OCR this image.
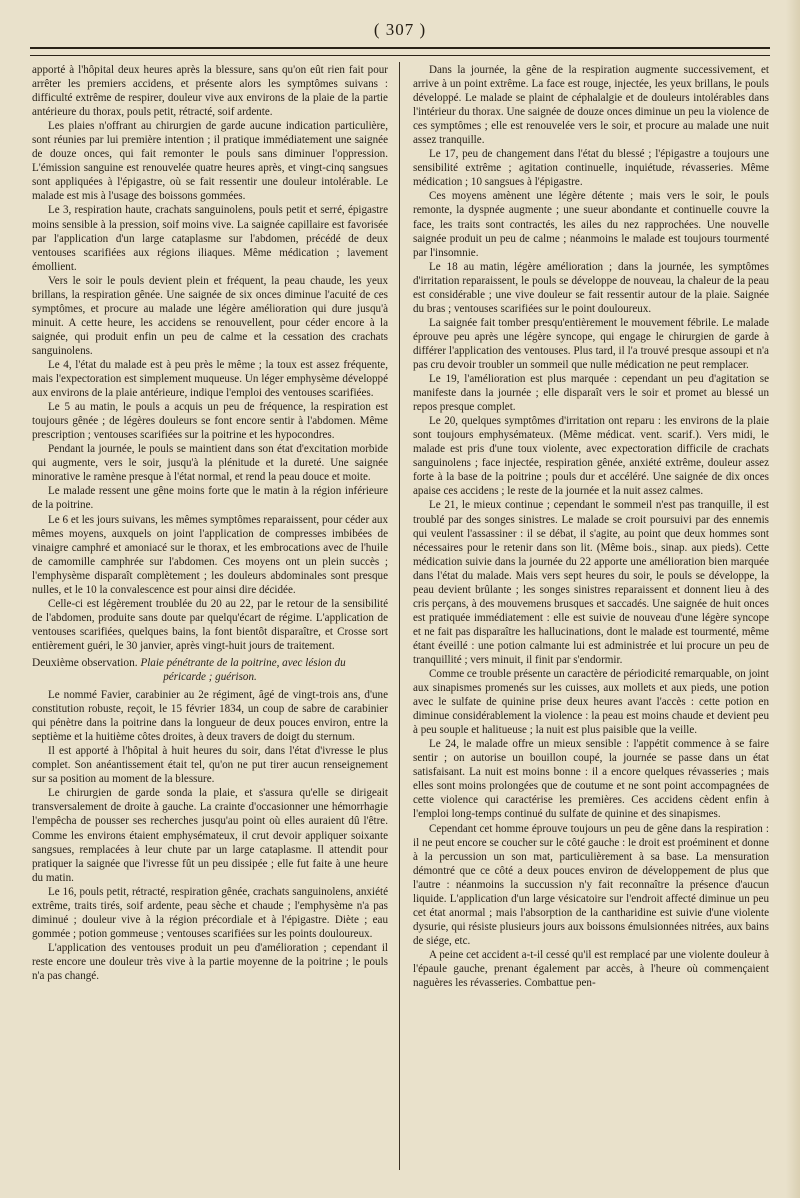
( 307 )

apporté à l'hôpital deux heures après la blessure, sans qu'on eût rien fait pour arrêter les premiers accidens, et présente alors les symptômes suivans : difficulté extrême de respirer, douleur vive aux environs de la plaie de la partie antérieure du thorax, pouls petit, rétracté, soif ardente.

Les plaies n'offrant au chirurgien de garde aucune indication particulière, sont réunies par lui première intention ; il pratique immédiatement une saignée de douze onces, qui fait remonter le pouls sans diminuer l'oppression. L'émission sanguine est renouvelée quatre heures après, et vingt-cinq sangsues sont appliquées à l'épigastre, où se fait ressentir une douleur intolérable. Le malade est mis à l'usage des boissons gommées.

Le 3, respiration haute, crachats sanguinolens, pouls petit et serré, épigastre moins sensible à la pression, soif moins vive. La saignée capillaire est favorisée par l'application d'un large cataplasme sur l'abdomen, précédé de deux ventouses scarifiées aux régions iliaques. Même médication ; lavement émollient.

Vers le soir le pouls devient plein et fréquent, la peau chaude, les yeux brillans, la respiration gênée. Une saignée de six onces diminue l'acuité de ces symptômes, et procure au malade une légère amélioration qui dure jusqu'à minuit. A cette heure, les accidens se renouvellent, pour céder encore à la saignée, qui produit enfin un peu de calme et la cessation des crachats sanguinolens.

Le 4, l'état du malade est à peu près le même ; la toux est assez fréquente, mais l'expectoration est simplement muqueuse. Un léger emphysème développé aux environs de la plaie antérieure, indique l'emploi des ventouses scarifiées.

Le 5 au matin, le pouls a acquis un peu de fréquence, la respiration est toujours gênée ; de légères douleurs se font encore sentir à l'abdomen. Même prescription ; ventouses scarifiées sur la poitrine et les hypocondres.

Pendant la journée, le pouls se maintient dans son état d'excitation morbide qui augmente, vers le soir, jusqu'à la plénitude et la dureté. Une saignée minorative le ramène presque à l'état normal, et rend la peau douce et moite.

Le malade ressent une gêne moins forte que le matin à la région inférieure de la poitrine.

Le 6 et les jours suivans, les mêmes symptômes reparaissent, pour céder aux mêmes moyens, auxquels on joint l'application de compresses imbibées de vinaigre camphré et amoniacé sur le thorax, et les embrocations avec de l'huile de camomille camphrée sur l'abdomen. Ces moyens ont un plein succès ; l'emphysème disparaît complètement ; les douleurs abdominales sont presque nulles, et le 10 la convalescence est pour ainsi dire décidée.

Celle-ci est légèrement troublée du 20 au 22, par le retour de la sensibilité de l'abdomen, produite sans doute par quelqu'écart de régime. L'application de ventouses scarifiées, quelques bains, la font bientôt disparaître, et Crosse sort entièrement guéri, le 30 janvier, après vingt-huit jours de traitement.

Deuxième observation. Plaie pénétrante de la poitrine, avec lésion du
péricarde ; guérison.

Le nommé Favier, carabinier au 2e régiment, âgé de vingt-trois ans, d'une constitution robuste, reçoit, le 15 février 1834, un coup de sabre de carabinier qui pénètre dans la poitrine dans la longueur de deux pouces environ, entre la septième et la huitième côtes droites, à deux travers de doigt du sternum.

Il est apporté à l'hôpital à huit heures du soir, dans l'état d'ivresse le plus complet. Son anéantissement était tel, qu'on ne put tirer aucun renseignement sur sa position au moment de la blessure.

Le chirurgien de garde sonda la plaie, et s'assura qu'elle se dirigeait transversalement de droite à gauche. La crainte d'occasionner une hémorrhagie l'empêcha de pousser ses recherches jusqu'au point où elles auraient dû l'être. Comme les environs étaient emphysémateux, il crut devoir appliquer soixante sangsues, remplacées à leur chute par un large cataplasme. Il attendit pour pratiquer la saignée que l'ivresse fût un peu dissipée ; elle fut faite à une heure du matin.

Le 16, pouls petit, rétracté, respiration gênée, crachats sanguinolens, anxiété extrême, traits tirés, soif ardente, peau sèche et chaude ; l'emphysème n'a pas diminué ; douleur vive à la région précordiale et à l'épigastre. Diète ; eau gommée ; potion gommeuse ; ventouses scarifiées sur les points douloureux.

L'application des ventouses produit un peu d'amélioration ; cependant il reste encore une douleur très vive à la partie moyenne de la poitrine ; le pouls n'a pas changé.

Dans la journée, la gêne de la respiration augmente successivement, et arrive à un point extrême. La face est rouge, injectée, les yeux brillans, le pouls développé. Le malade se plaint de céphalalgie et de douleurs intolérables dans l'intérieur du thorax. Une saignée de douze onces diminue un peu la violence de ces symptômes ; elle est renouvelée vers le soir, et procure au malade une nuit assez tranquille.

Le 17, peu de changement dans l'état du blessé ; l'épigastre a toujours une sensibilité extrême ; agitation continuelle, inquiétude, révasseries. Même médication ; 10 sangsues à l'épigastre.

Ces moyens amènent une légère détente ; mais vers le soir, le pouls remonte, la dyspnée augmente ; une sueur abondante et continuelle couvre la face, les traits sont contractés, les ailes du nez rapprochées. Une nouvelle saignée produit un peu de calme ; néanmoins le malade est toujours tourmenté par l'insomnie.

Le 18 au matin, légère amélioration ; dans la journée, les symptômes d'irritation reparaissent, le pouls se développe de nouveau, la chaleur de la peau est considérable ; une vive douleur se fait ressentir autour de la plaie. Saignée du bras ; ventouses scarifiées sur le point douloureux.

La saignée fait tomber presqu'entièrement le mouvement fébrile. Le malade éprouve peu après une légère syncope, qui engage le chirurgien de garde à différer l'application des ventouses. Plus tard, il l'a trouvé presque assoupi et n'a pas cru devoir troubler un sommeil que nulle médication ne peut remplacer.

Le 19, l'amélioration est plus marquée : cependant un peu d'agitation se manifeste dans la journée ; elle disparaît vers le soir et promet au blessé un repos presque complet.

Le 20, quelques symptômes d'irritation ont reparu : les environs de la plaie sont toujours emphysémateux. (Même médicat. vent. scarif.). Vers midi, le malade est pris d'une toux violente, avec expectoration difficile de crachats sanguinolens ; face injectée, respiration gênée, anxiété extrême, douleur assez forte à la base de la poitrine ; pouls dur et accéléré. Une saignée de dix onces apaise ces accidens ; le reste de la journée et la nuit assez calmes.

Le 21, le mieux continue ; cependant le sommeil n'est pas tranquille, il est troublé par des songes sinistres. Le malade se croit poursuivi par des ennemis qui veulent l'assassiner : il se débat, il s'agite, au point que deux hommes sont nécessaires pour le retenir dans son lit. (Même bois., sinap. aux pieds). Cette médication suivie dans la journée du 22 apporte une amélioration bien marquée dans l'état du malade. Mais vers sept heures du soir, le pouls se développe, la peau devient brûlante ; les songes sinistres reparaissent et donnent lieu à des cris perçans, à des mouvemens brusques et saccadés. Une saignée de huit onces est pratiquée immédiatement : elle est suivie de nouveau d'une légère syncope et ne fait pas disparaître les hallucinations, dont le malade est tourmenté, même étant éveillé : une potion calmante lui est administrée et lui procure un peu de tranquillité ; vers minuit, il finit par s'endormir.

Comme ce trouble présente un caractère de périodicité remarquable, on joint aux sinapismes promenés sur les cuisses, aux mollets et aux pieds, une potion avec le sulfate de quinine prise deux heures avant l'accès : cette potion en diminue considérablement la violence : la peau est moins chaude et devient peu à peu souple et halitueuse ; la nuit est plus paisible que la veille.

Le 24, le malade offre un mieux sensible : l'appétit commence à se faire sentir ; on autorise un bouillon coupé, la journée se passe dans un état satisfaisant. La nuit est moins bonne : il a encore quelques révasseries ; mais elles sont moins prolongées que de coutume et ne sont point accompagnées de cette violence qui caractérise les premières. Ces accidens cèdent enfin à l'emploi long-temps continué du sulfate de quinine et des sinapismes.

Cependant cet homme éprouve toujours un peu de gêne dans la respiration : il ne peut encore se coucher sur le côté gauche : le droit est proéminent et donne à la percussion un son mat, particulièrement à sa base. La mensuration démontré que ce côté a deux pouces environ de développement de plus que l'autre : néanmoins la succussion n'y fait reconnaître la présence d'aucun liquide. L'application d'un large vésicatoire sur l'endroit affecté diminue un peu cet état anormal ; mais l'absorption de la cantharidine est suivie d'une violente dysurie, qui résiste plusieurs jours aux boissons émulsionnées nitrées, aux bains de siége, etc.

A peine cet accident a-t-il cessé qu'il est remplacé par une violente douleur à l'épaule gauche, prenant également par accès, à l'heure où commençaient naguères les révasseries. Combattue pen-
